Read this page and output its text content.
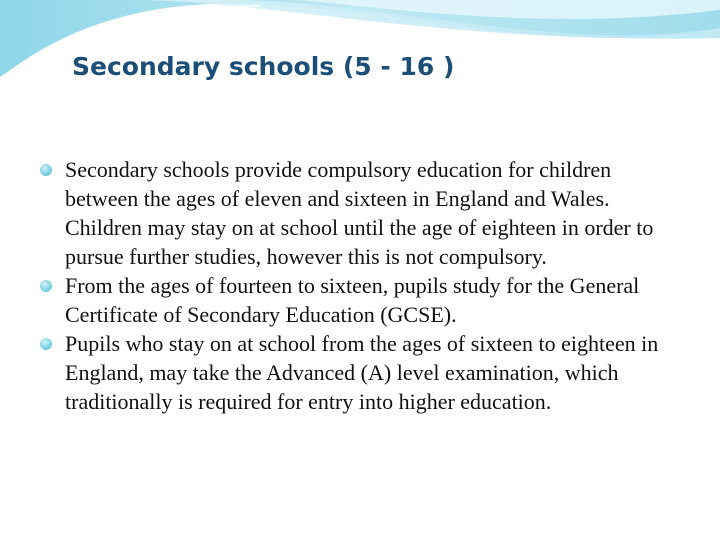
Secondary schools (5 - 16 )
Secondary schools provide compulsory education for children between the ages of eleven and sixteen in England and Wales. Children may stay on at school until the age of eighteen in order to pursue further studies, however this is not compulsory.
From the ages of fourteen to sixteen, pupils study for the General Certificate of Secondary Education (GCSE).
Pupils who stay on at school from the ages of sixteen to eighteen in England, may take the Advanced (A) level examination, which traditionally is required for entry into higher education.
